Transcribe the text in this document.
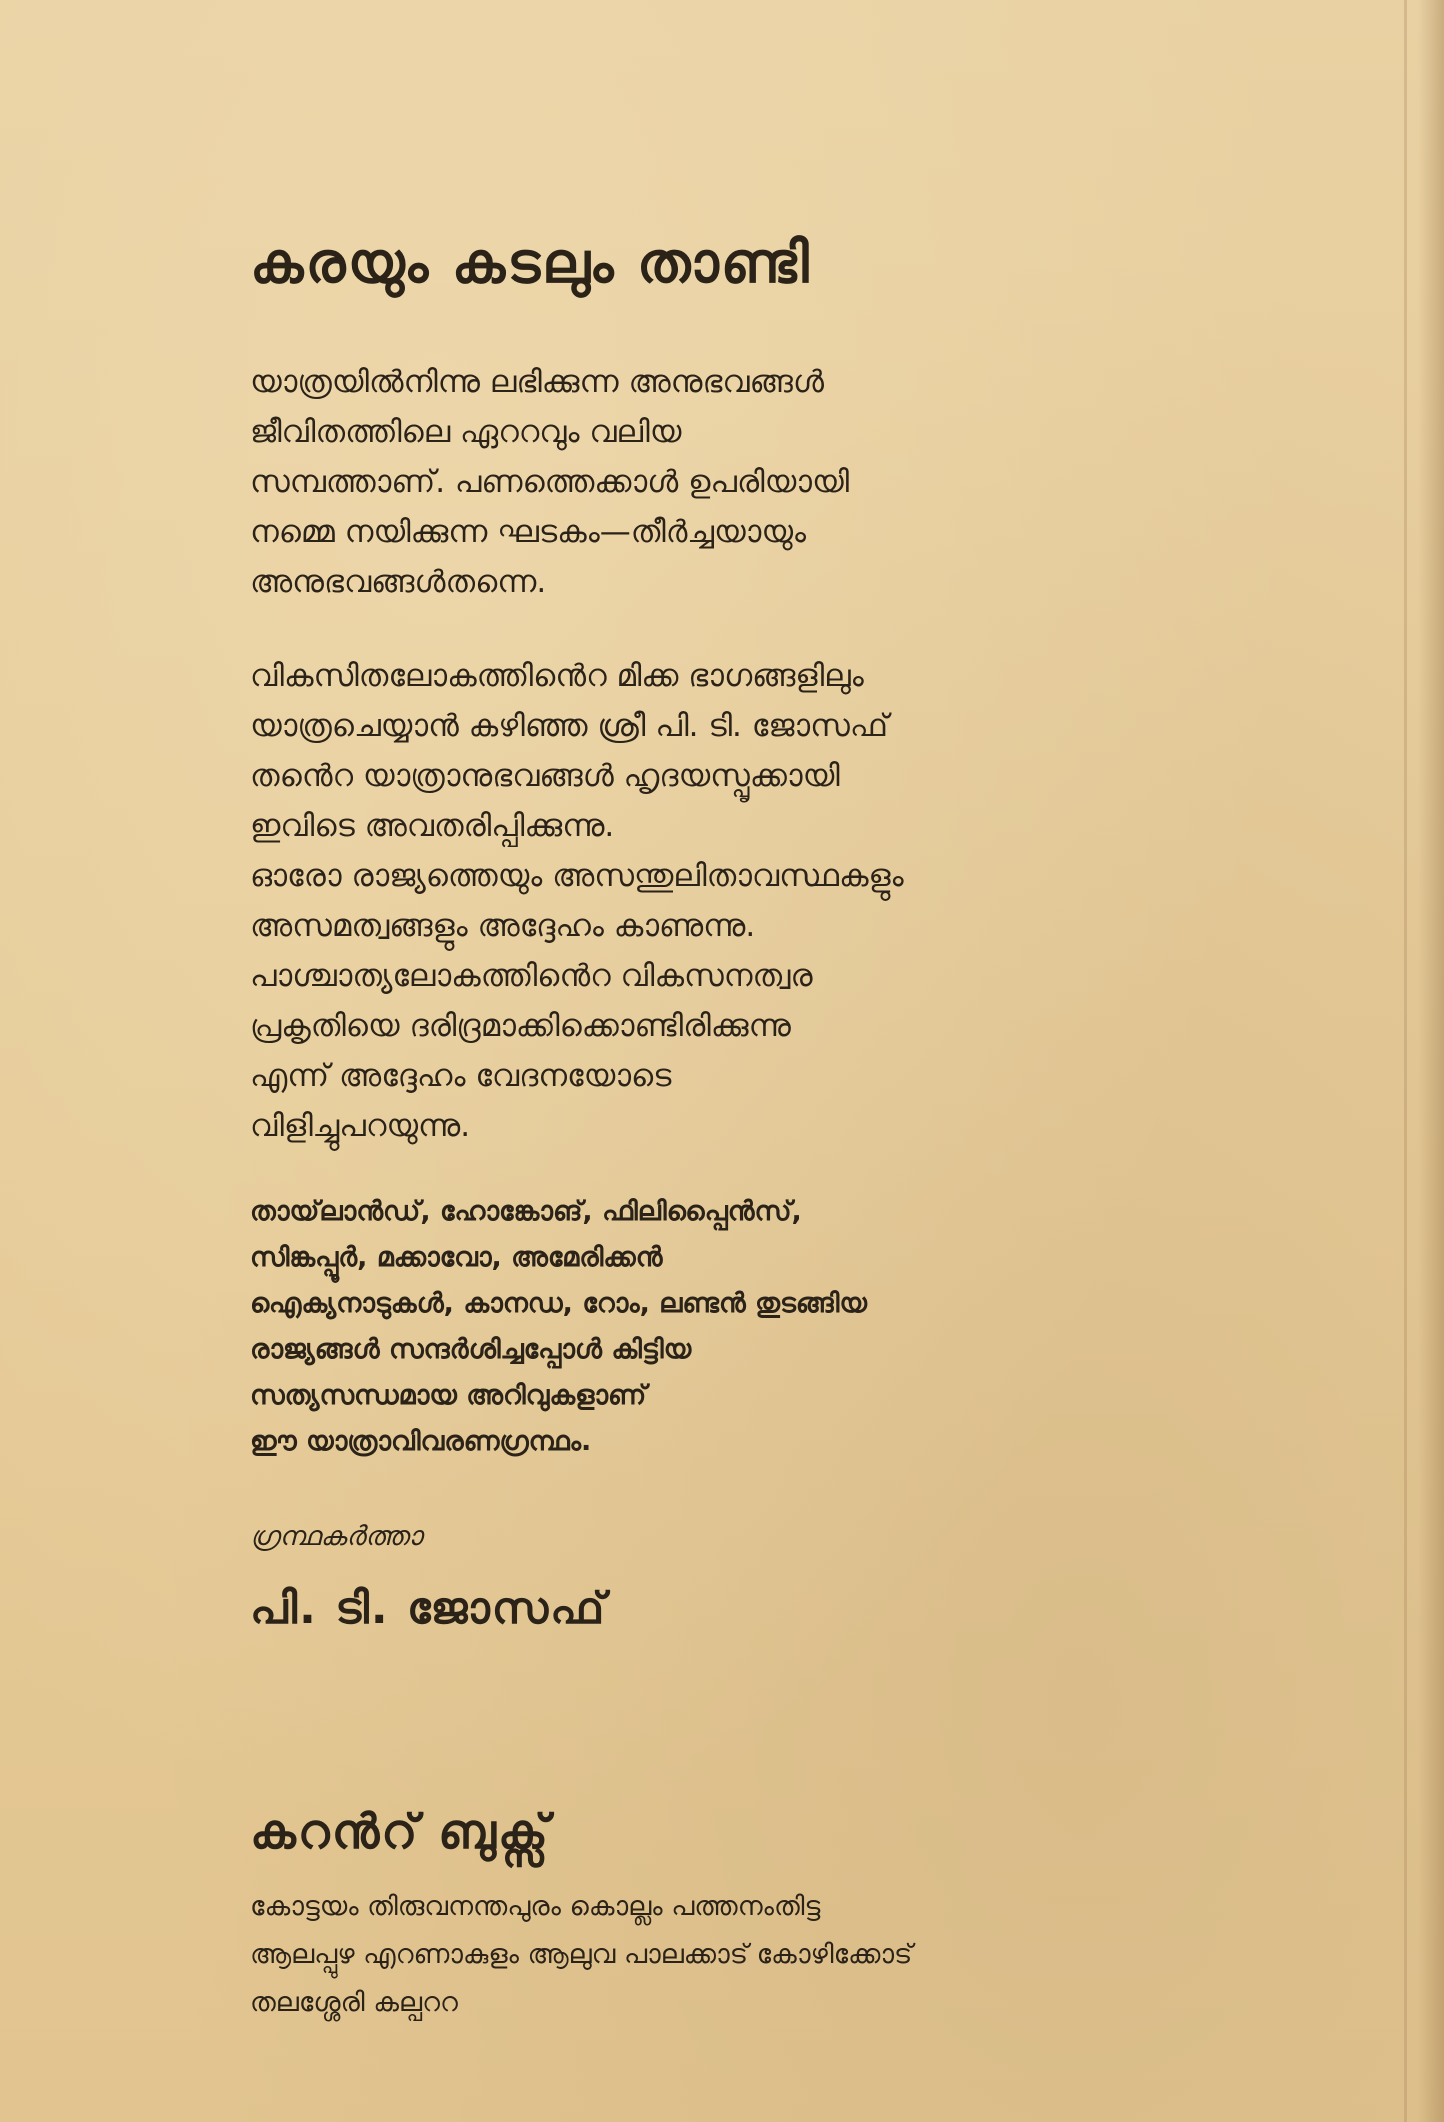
കരയും കടലും താണ്ടി

യാത്രയിൽനിന്നു ലഭിക്കുന്ന അനുഭവങ്ങൾ
ജീവിതത്തിലെ ഏററവും വലിയ
സമ്പത്താണ്. പണത്തെക്കാൾ ഉപരിയായി
നമ്മെ നയിക്കുന്ന ഘടകം—തീർച്ചയായും
അനുഭവങ്ങൾതന്നെ.

വികസിതലോകത്തിൻെറ മിക്ക ഭാഗങ്ങളിലും
യാത്രചെയ്യാൻ കഴിഞ്ഞ ശ്രീ പി. ടി. ജോസഫ്
തൻെറ യാത്രാനുഭവങ്ങൾ ഹൃദയസ്പൃക്കായി
ഇവിടെ അവതരിപ്പിക്കുന്നു.
ഓരോ രാജ്യത്തെയും അസന്തുലിതാവസ്ഥകളും
അസമത്വങ്ങളും അദ്ദേഹം കാണുന്നു.
പാശ്ചാത്യലോകത്തിൻെറ വികസനത്വര
പ്രകൃതിയെ ദരിദ്രമാക്കിക്കൊണ്ടിരിക്കുന്നു
എന്ന് അദ്ദേഹം വേദനയോടെ
വിളിച്ചുപറയുന്നു.

തായ്‌ലാൻഡ്, ഹോങ്കോങ്, ഫിലിപ്പൈൻസ്,
സിങ്കപ്പൂർ, മക്കാവോ, അമേരിക്കൻ
ഐക്യനാടുകൾ, കാനഡ, റോം, ലണ്ടൻ തുടങ്ങിയ
രാജ്യങ്ങൾ സന്ദർശിച്ചപ്പോൾ കിട്ടിയ
സത്യസന്ധമായ അറിവുകളാണ്
ഈ യാത്രാവിവരണഗ്രന്ഥം.

ഗ്രന്ഥകർത്താ
പി. ടി. ജോസഫ്
കറൻറ് ബുക്സ്
കോട്ടയം തിരുവനന്തപുരം കൊല്ലം പത്തനംതിട്ട
ആലപ്പുഴ എറണാകുളം ആലുവ പാലക്കാട് കോഴിക്കോട്
തലശ്ശേരി കല്പററ
